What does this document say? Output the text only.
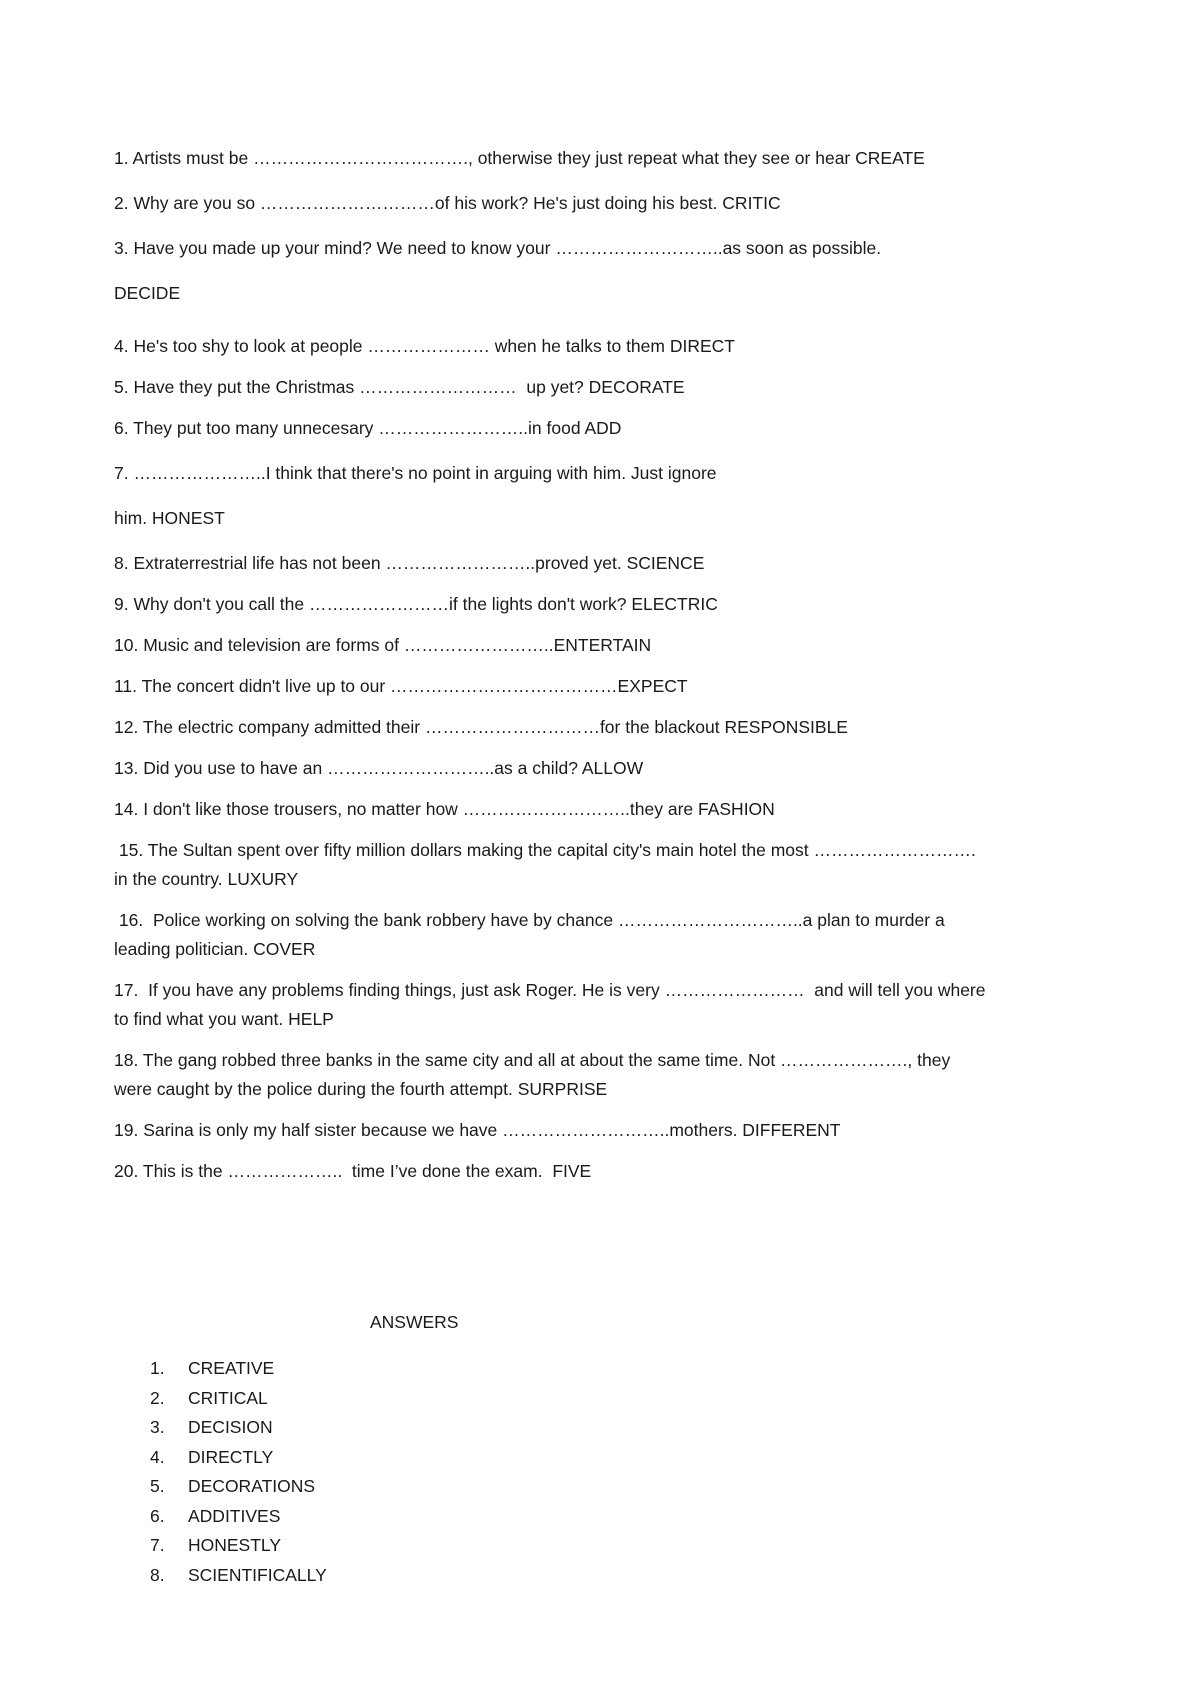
1. Artists must be ………………………………., otherwise they just repeat what they see or hear CREATE
2. Why are you so …………………………of his work? He's just doing his best. CRITIC
3. Have you made up your mind? We need to know your ………………………..as soon as possible.
DECIDE
4. He's too shy to look at people ………………… when he talks to them DIRECT
5. Have they put the Christmas ………………………  up yet? DECORATE
6. They put too many unnecesary ……………………..in food ADD
7. …………………..I think that there's no point in arguing with him. Just ignore
him. HONEST
8. Extraterrestrial life has not been ……………………..proved yet. SCIENCE
9. Why don't you call the ……………………if the lights don't work? ELECTRIC
10. Music and television are forms of ……………………..ENTERTAIN
11. The concert didn't live up to our …………………………………EXPECT
12. The electric company admitted their …………………………for the blackout RESPONSIBLE
13. Did you use to have an ………………………..as a child? ALLOW
14. I don't like those trousers, no matter how ………………………..they are FASHION
15. The Sultan spent over fifty million dollars making the capital city's main hotel the most ……………………….
in the country. LUXURY
16.  Police working on solving the bank robbery have by chance …………………………..a plan to murder a
leading politician. COVER
17.  If you have any problems finding things, just ask Roger. He is very ……………………  and will tell you where
to find what you want. HELP
18. The gang robbed three banks in the same city and all at about the same time. Not …………………., they
were caught by the police during the fourth attempt. SURPRISE
19. Sarina is only my half sister because we have ………………………..mothers. DIFFERENT
20. This is the ………………..  time I’ve done the exam.  FIVE
ANSWERS
1.	CREATIVE
2.	CRITICAL
3.	DECISION
4.	DIRECTLY
5.	DECORATIONS
6.	ADDITIVES
7.	HONESTLY
8.	SCIENTIFICALLY
